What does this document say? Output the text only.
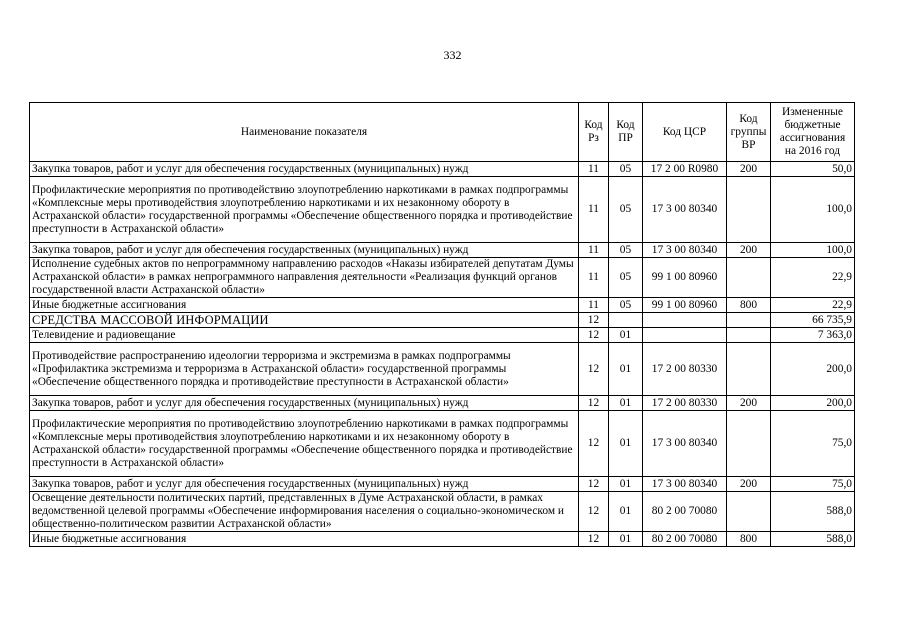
332
Наименование показателя	Код Рз	Код ПР	Код ЦСР	Код группы ВР	Измененные бюджетные ассигнования на 2016 год
Закупка товаров, работ и услуг для обеспечения государственных (муниципальных) нужд	11	05	17 2 00 R0980	200	50,0
Профилактические мероприятия по противодействию злоупотреблению наркотиками в рамках подпрограммы «Комплексные меры противодействия злоупотреблению наркотиками и их незаконному обороту в Астраханской области» государственной программы «Обеспечение общественного порядка и противодействие преступности в Астраханской области»	11	05	17 3 00 80340		100,0
Закупка товаров, работ и услуг для обеспечения государственных (муниципальных) нужд	11	05	17 3 00 80340	200	100,0
Исполнение судебных актов по непрограммному направлению расходов «Наказы избирателей депутатам Думы Астраханской области» в рамках непрограммного направления деятельности «Реализация функций органов государственной власти Астраханской области»	11	05	99 1 00 80960		22,9
Иные бюджетные ассигнования	11	05	99 1 00 80960	800	22,9
СРЕДСТВА МАССОВОЙ ИНФОРМАЦИИ	12				66 735,9
Телевидение и радиовещание	12	01			7 363,0
Противодействие распространению идеологии терроризма и экстремизма в рамках подпрограммы «Профилактика экстремизма и терроризма в Астраханской области» государственной программы «Обеспечение общественного порядка и противодействие преступности в Астраханской области»	12	01	17 2 00 80330		200,0
Закупка товаров, работ и услуг для обеспечения государственных (муниципальных) нужд	12	01	17 2 00 80330	200	200,0
Профилактические мероприятия по противодействию злоупотреблению наркотиками в рамках подпрограммы «Комплексные меры противодействия злоупотреблению наркотиками и их незаконному обороту в Астраханской области» государственной программы «Обеспечение общественного порядка и противодействие преступности в Астраханской области»	12	01	17 3 00 80340		75,0
Закупка товаров, работ и услуг для обеспечения государственных (муниципальных) нужд	12	01	17 3 00 80340	200	75,0
Освещение деятельности политических партий, представленных в Думе Астраханской области, в рамках ведомственной целевой программы «Обеспечение информирования населения о социально-экономическом и общественно-политическом развитии Астраханской области»	12	01	80 2 00 70080		588,0
Иные бюджетные ассигнования	12	01	80 2 00 70080	800	588,0
